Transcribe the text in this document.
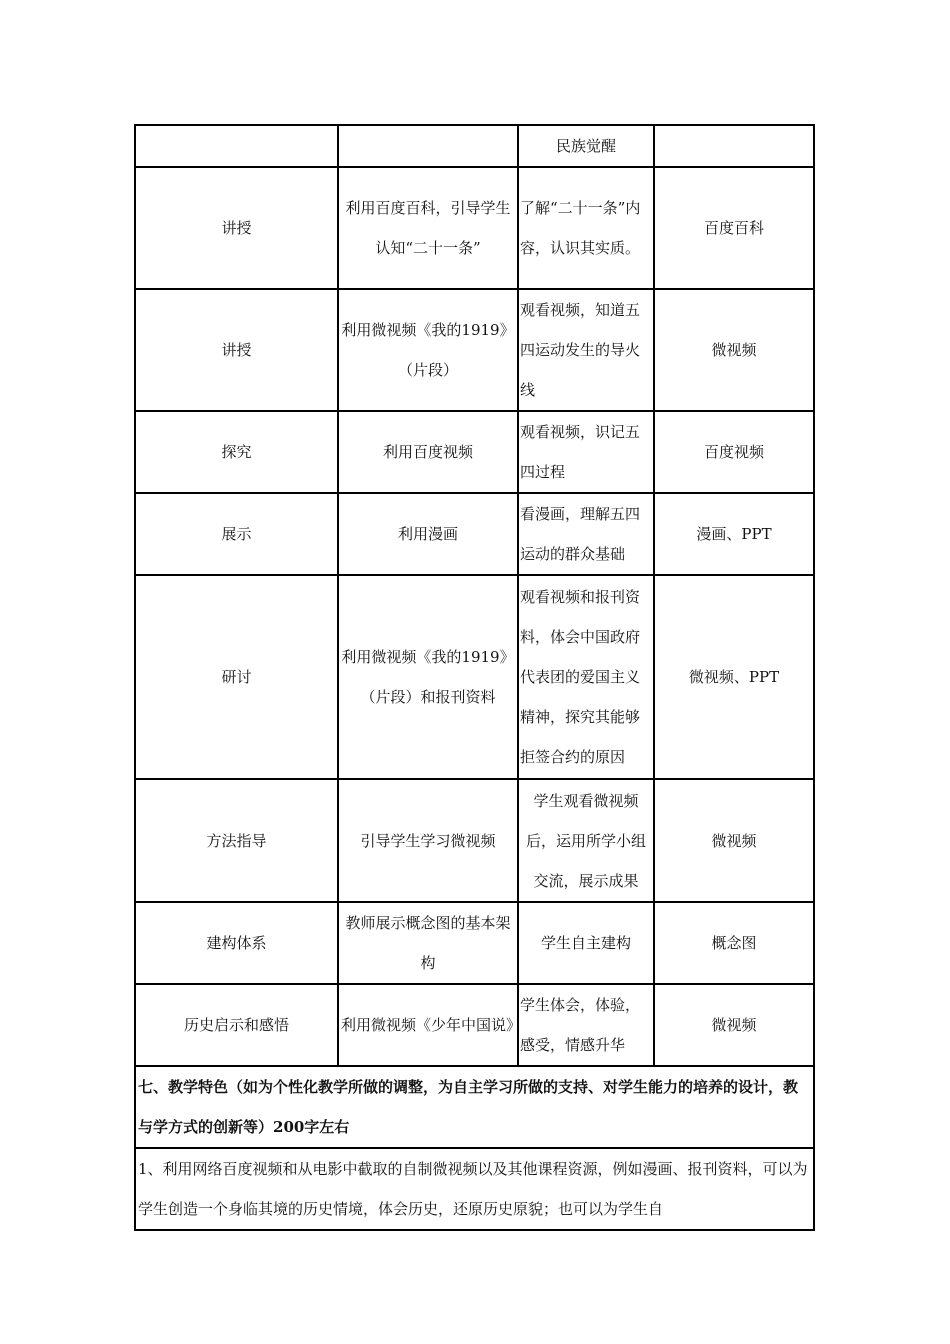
		民族觉醒	

讲授	利用百度百科，引导学生认知“二十一条”	了解“二十一条”内容，认识其实质。	百度百科

讲授	利用微视频《我的1919》（片段）	观看视频，知道五四运动发生的导火线	微视频

探究	利用百度视频	观看视频，识记五四过程	百度视频

展示	利用漫画	看漫画，理解五四运动的群众基础	漫画、PPT

研讨	利用微视频《我的1919》（片段）和报刊资料	观看视频和报刊资料，体会中国政府代表团的爱国主义精神，探究其能够拒签合约的原因	微视频、PPT

方法指导	引导学生学习微视频	学生观看微视频后，运用所学小组交流，展示成果	微视频

建构体系	教师展示概念图的基本架构	学生自主建构	概念图

历史启示和感悟	利用微视频《少年中国说》	学生体会，体验，感受，情感升华	微视频

七、教学特色（如为个性化教学所做的调整，为自主学习所做的支持、对学生能力的培养的设计，教与学方式的创新等）200字左右			

1、利用网络百度视频和从电影中截取的自制微视频以及其他课程资源，例如漫画、报刊资料，可以为学生创造一个身临其境的历史情境，体会历史，还原历史原貌；也可以为学生自			
